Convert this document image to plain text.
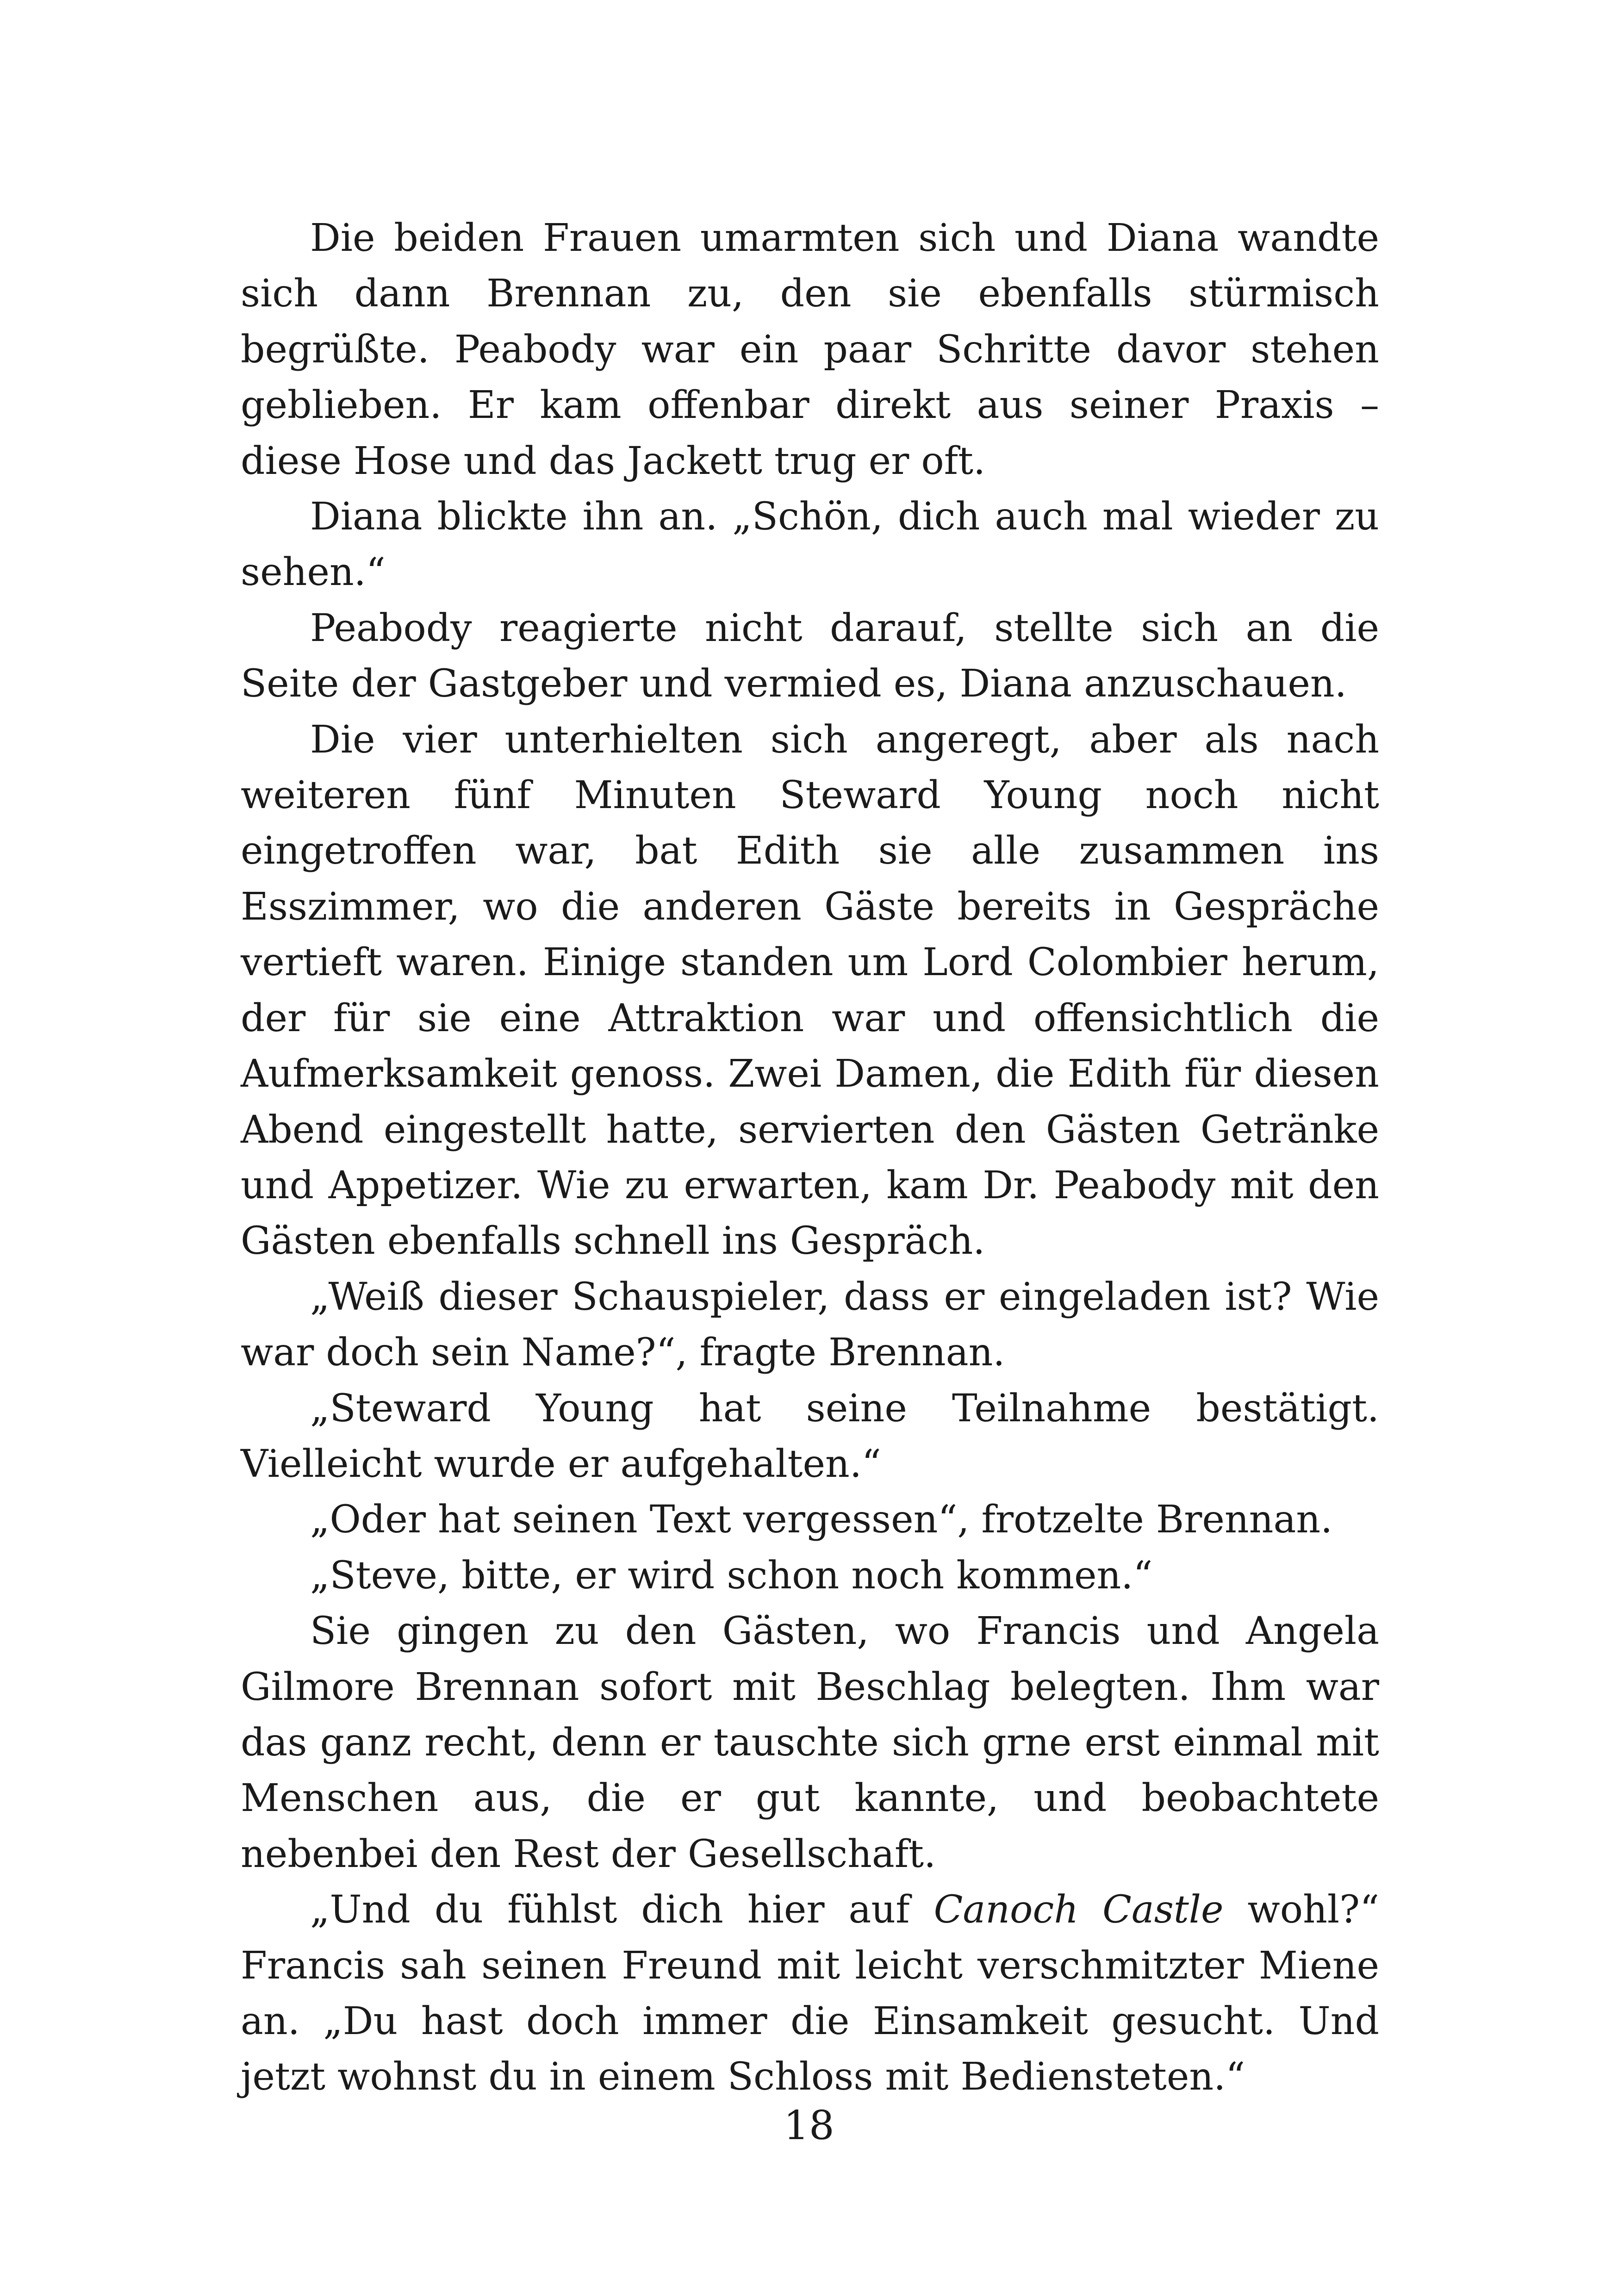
Die beiden Frauen umarmten sich und Diana wandte sich dann Brennan zu, den sie ebenfalls stürmisch begrüßte. Peabody war ein paar Schritte davor stehen geblieben. Er kam offenbar direkt aus seiner Praxis – diese Hose und das Jackett trug er oft.

Diana blickte ihn an. „Schön, dich auch mal wieder zu sehen.“

Peabody reagierte nicht darauf, stellte sich an die Seite der Gastgeber und vermied es, Diana anzuschauen.

Die vier unterhielten sich angeregt, aber als nach weiteren fünf Minuten Steward Young noch nicht eingetroffen war, bat Edith sie alle zusammen ins Esszimmer, wo die anderen Gäste bereits in Gespräche vertieft waren. Einige standen um Lord Colombier herum, der für sie eine Attraktion war und offensichtlich die Aufmerksamkeit genoss. Zwei Damen, die Edith für diesen Abend eingestellt hatte, servierten den Gästen Getränke und Appetizer. Wie zu erwarten, kam Dr. Peabody mit den Gästen ebenfalls schnell ins Gespräch.

„Weiß dieser Schauspieler, dass er eingeladen ist? Wie war doch sein Name?“, fragte Brennan.

„Steward Young hat seine Teilnahme bestätigt. Vielleicht wurde er aufgehalten.“

„Oder hat seinen Text vergessen“, frotzelte Brennan.

„Steve, bitte, er wird schon noch kommen.“

Sie gingen zu den Gästen, wo Francis und Angela Gilmore Brennan sofort mit Beschlag belegten. Ihm war das ganz recht, denn er tauschte sich grne erst einmal mit Menschen aus, die er gut kannte, und beobachtete nebenbei den Rest der Gesellschaft.

„Und du fühlst dich hier auf Canoch Castle wohl?“ Francis sah seinen Freund mit leicht verschmitzter Miene an. „Du hast doch immer die Einsamkeit gesucht. Und jetzt wohnst du in einem Schloss mit Bediensteten.“

18
